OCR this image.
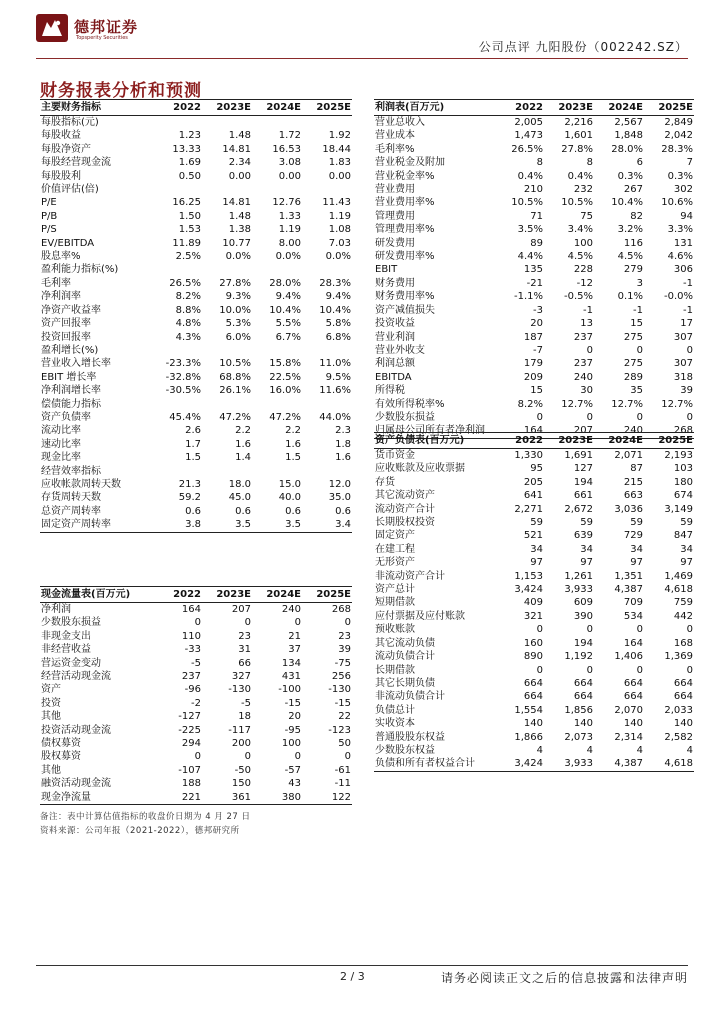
德邦证券
Topsperity Securities
公司点评 九阳股份（002242.SZ）
财务报表分析和预测
主要财务指标	2022	2023E	2024E	2025E
每股指标(元)				
每股收益	1.23	1.48	1.72	1.92
每股净资产	13.33	14.81	16.53	18.44
每股经营现金流	1.69	2.34	3.08	1.83
每股股利	0.50	0.00	0.00	0.00
价值评估(倍)				
P/E	16.25	14.81	12.76	11.43
P/B	1.50	1.48	1.33	1.19
P/S	1.53	1.38	1.19	1.08
EV/EBITDA	11.89	10.77	8.00	7.03
股息率%	2.5%	0.0%	0.0%	0.0%
盈利能力指标(%)				
毛利率	26.5%	27.8%	28.0%	28.3%
净利润率	8.2%	9.3%	9.4%	9.4%
净资产收益率	8.8%	10.0%	10.4%	10.4%
资产回报率	4.8%	5.3%	5.5%	5.8%
投资回报率	4.3%	6.0%	6.7%	6.8%
盈利增长(%)				
营业收入增长率	-23.3%	10.5%	15.8%	11.0%
EBIT 增长率	-32.8%	68.8%	22.5%	9.5%
净利润增长率	-30.5%	26.1%	16.0%	11.6%
偿债能力指标				
资产负债率	45.4%	47.2%	47.2%	44.0%
流动比率	2.6	2.2	2.2	2.3
速动比率	1.7	1.6	1.6	1.8
现金比率	1.5	1.4	1.5	1.6
经营效率指标				
应收帐款周转天数	21.3	18.0	15.0	12.0
存货周转天数	59.2	45.0	40.0	35.0
总资产周转率	0.6	0.6	0.6	0.6
固定资产周转率	3.8	3.5	3.5	3.4
现金流量表(百万元)	2022	2023E	2024E	2025E
净利润	164	207	240	268
少数股东损益	0	0	0	0
非现金支出	110	23	21	23
非经营收益	-33	31	37	39
营运资金变动	-5	66	134	-75
经营活动现金流	237	327	431	256
资产	-96	-130	-100	-130
投资	-2	-5	-15	-15
其他	-127	18	20	22
投资活动现金流	-225	-117	-95	-123
债权募资	294	200	100	50
股权募资	0	0	0	0
其他	-107	-50	-57	-61
融资活动现金流	188	150	43	-11
现金净流量	221	361	380	122
利润表(百万元)	2022	2023E	2024E	2025E
营业总收入	2,005	2,216	2,567	2,849
营业成本	1,473	1,601	1,848	2,042
毛利率%	26.5%	27.8%	28.0%	28.3%
营业税金及附加	8	8	6	7
营业税金率%	0.4%	0.4%	0.3%	0.3%
营业费用	210	232	267	302
营业费用率%	10.5%	10.5%	10.4%	10.6%
管理费用	71	75	82	94
管理费用率%	3.5%	3.4%	3.2%	3.3%
研发费用	89	100	116	131
研发费用率%	4.4%	4.5%	4.5%	4.6%
EBIT	135	228	279	306
财务费用	-21	-12	3	-1
财务费用率%	-1.1%	-0.5%	0.1%	-0.0%
资产减值损失	-3	-1	-1	-1
投资收益	20	13	15	17
营业利润	187	237	275	307
营业外收支	-7	0	0	0
利润总额	179	237	275	307
EBITDA	209	240	289	318
所得税	15	30	35	39
有效所得税率%	8.2%	12.7%	12.7%	12.7%
少数股东损益	0	0	0	0
归属母公司所有者净利润	164	207	240	268
资产负债表(百万元)	2022	2023E	2024E	2025E
货币资金	1,330	1,691	2,071	2,193
应收账款及应收票据	95	127	87	103
存货	205	194	215	180
其它流动资产	641	661	663	674
流动资产合计	2,271	2,672	3,036	3,149
长期股权投资	59	59	59	59
固定资产	521	639	729	847
在建工程	34	34	34	34
无形资产	97	97	97	97
非流动资产合计	1,153	1,261	1,351	1,469
资产总计	3,424	3,933	4,387	4,618
短期借款	409	609	709	759
应付票据及应付账款	321	390	534	442
预收账款	0	0	0	0
其它流动负债	160	194	164	168
流动负债合计	890	1,192	1,406	1,369
长期借款	0	0	0	0
其它长期负债	664	664	664	664
非流动负债合计	664	664	664	664
负债总计	1,554	1,856	2,070	2,033
实收资本	140	140	140	140
普通股股东权益	1,866	2,073	2,314	2,582
少数股东权益	4	4	4	4
负债和所有者权益合计	3,424	3,933	4,387	4,618
备注：表中计算估值指标的收盘价日期为 4 月 27 日
资料来源：公司年报（2021-2022），德邦研究所
2 / 3	请务必阅读正文之后的信息披露和法律声明
